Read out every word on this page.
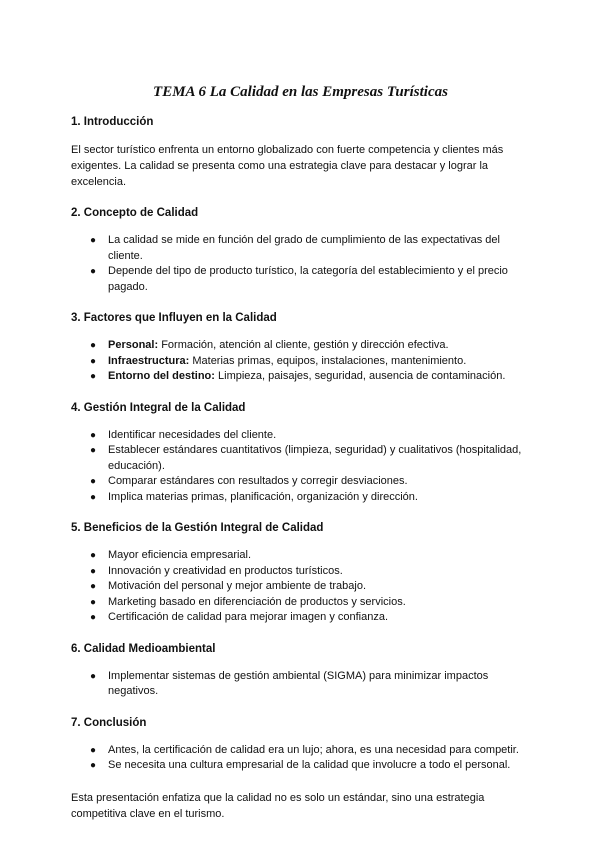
TEMA 6 La Calidad en las Empresas Turísticas
1. Introducción

El sector turístico enfrenta un entorno globalizado con fuerte competencia y clientes más exigentes. La calidad se presenta como una estrategia clave para destacar y lograr la excelencia.

2. Concepto de Calidad
● La calidad se mide en función del grado de cumplimiento de las expectativas del cliente.
● Depende del tipo de producto turístico, la categoría del establecimiento y el precio pagado.
3. Factores que Influyen en la Calidad
● Personal: Formación, atención al cliente, gestión y dirección efectiva.
● Infraestructura: Materias primas, equipos, instalaciones, mantenimiento.
● Entorno del destino: Limpieza, paisajes, seguridad, ausencia de contaminación.
4. Gestión Integral de la Calidad
● Identificar necesidades del cliente.
● Establecer estándares cuantitativos (limpieza, seguridad) y cualitativos (hospitalidad, educación).
● Comparar estándares con resultados y corregir desviaciones.
● Implica materias primas, planificación, organización y dirección.
5. Beneficios de la Gestión Integral de Calidad
● Mayor eficiencia empresarial.
● Innovación y creatividad en productos turísticos.
● Motivación del personal y mejor ambiente de trabajo.
● Marketing basado en diferenciación de productos y servicios.
● Certificación de calidad para mejorar imagen y confianza.
6. Calidad Medioambiental
● Implementar sistemas de gestión ambiental (SIGMA) para minimizar impactos negativos.
7. Conclusión
● Antes, la certificación de calidad era un lujo; ahora, es una necesidad para competir.
● Se necesita una cultura empresarial de la calidad que involucre a todo el personal.

Esta presentación enfatiza que la calidad no es solo un estándar, sino una estrategia competitiva clave en el turismo.
